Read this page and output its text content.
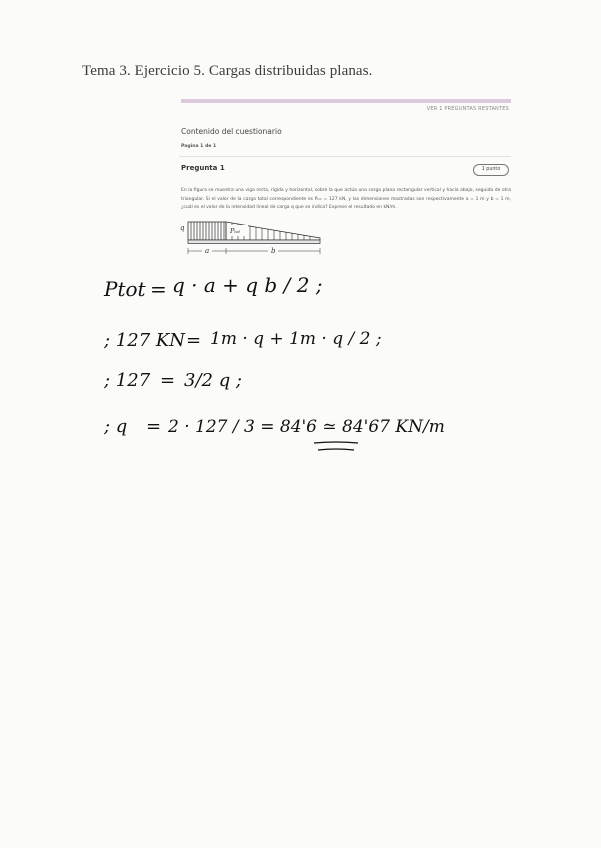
Tema 3. Ejercicio 5. Cargas distribuidas planas.
VER 1 PREGUNTAS RESTANTES
Contenido del cuestionario
Pagina 1 de 1
Pregunta 1	1 punto
En la figura se muestra una viga recta, rígida y horizontal, sobre la que actúa una carga plana rectangular vertical y hacia abajo, seguida de otra triangular. Si el valor de la carga total correspondiente es Pₜₒₜ = 127 kN, y las dimensiones mostradas son respectivamente a = 1 m y b = 1 m, ¿cuál es el valor de la intensidad lineal de carga q que se indica? Exprese el resultado en kN/m.
q	Pₜₒₜ
a	b
Ptot = q · a + q b / 2 ;
; 127 KN = 1m · q + 1m · q / 2 ;
; 127 = 3/2 q ;
; q = 2 · 127 / 3 = 84'6 ≃ 84'67 KN/m
